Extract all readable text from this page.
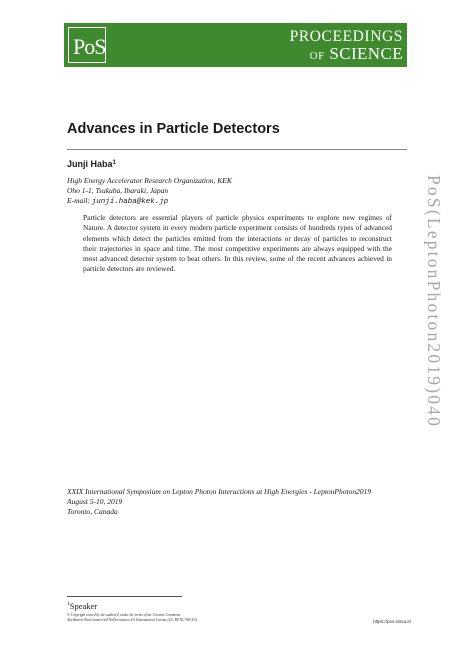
PoS	PROCEEDINGS
OF SCIENCE
Advances in Particle Detectors
Junji Haba$^1$
High Energy Accelerator Research Organization, KEK
Oho 1-1, Tsukuba, Ibaraki, Japan
E-mail: junji.haba@kek.jp

Particle detectors are essential players of particle physics experiments to explore new regimes of Nature. A detector system in every modern particle experiment consists of hundreds types of advanced elements which detect the particles emitted from the interactions or decay of particles to reconstruct their trajectories in space and time. The most competitive experiments are always equipped with the most advanced detector system to beat others. In this review, some of the recent advances achieved in particle detectors are reviewed.

XXIX International Symposium on Lepton Photon Interactions at High Energies - LeptonPhoton2019
August 5-10, 2019
Toronto, Canada
$^1$Speaker
© Copyright owned by the author(s) under the terms of the Creative Commons
Attribution-NonCommercial-NoDerivatives 4.0 International License (CC BY-NC-ND 4.0).	https://pos.sissa.it/
PoS(LeptonPhoton2019)040
